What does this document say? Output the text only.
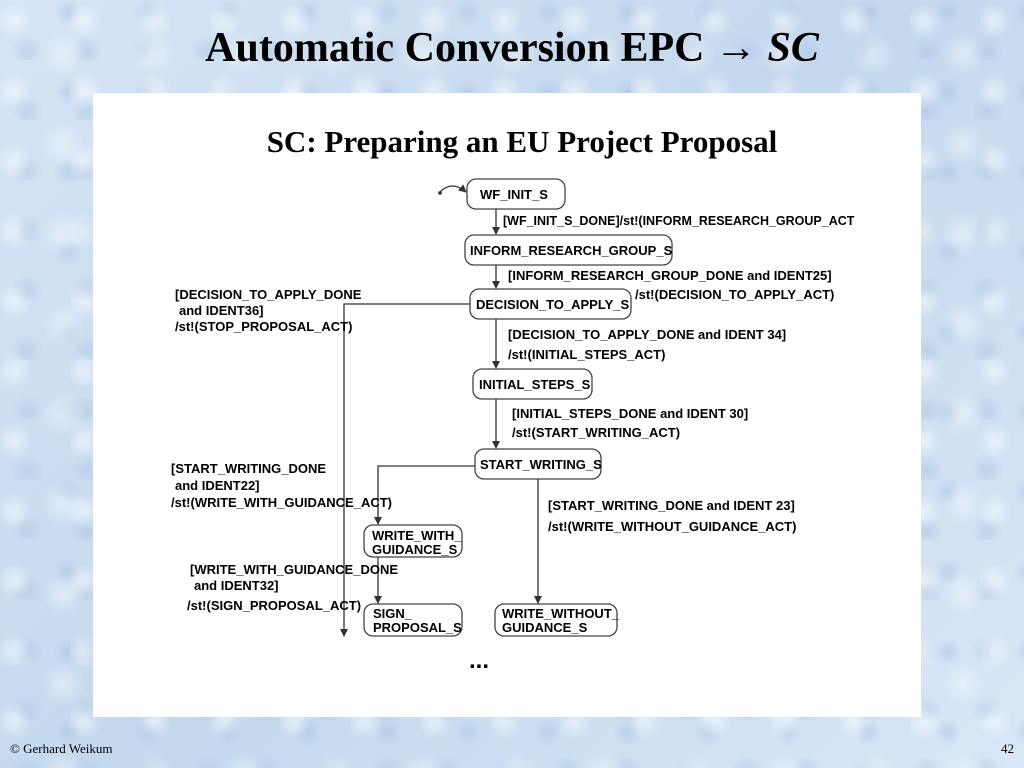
Automatic Conversion EPC → SC
SC: Preparing an EU Project Proposal
WF_INIT_S
INFORM_RESEARCH_GROUP_S
DECISION_TO_APPLY_S
INITIAL_STEPS_S
START_WRITING_S
WRITE_WITH_
GUIDANCE_S
SIGN_
PROPOSAL_S
WRITE_WITHOUT_
GUIDANCE_S
[WF_INIT_S_DONE]/st!(INFORM_RESEARCH_GROUP_ACT
[INFORM_RESEARCH_GROUP_DONE and IDENT25]
/st!(DECISION_TO_APPLY_ACT)
[DECISION_TO_APPLY_DONE and IDENT 34]
/st!(INITIAL_STEPS_ACT)
[INITIAL_STEPS_DONE and IDENT 30]
/st!(START_WRITING_ACT)
[START_WRITING_DONE and IDENT 23]
/st!(WRITE_WITHOUT_GUIDANCE_ACT)
[DECISION_TO_APPLY_DONE
and IDENT36]
/st!(STOP_PROPOSAL_ACT)
[START_WRITING_DONE
and IDENT22]
/st!(WRITE_WITH_GUIDANCE_ACT)
[WRITE_WITH_GUIDANCE_DONE
and IDENT32]
/st!(SIGN_PROPOSAL_ACT)
...
© Gerhard Weikum	42
